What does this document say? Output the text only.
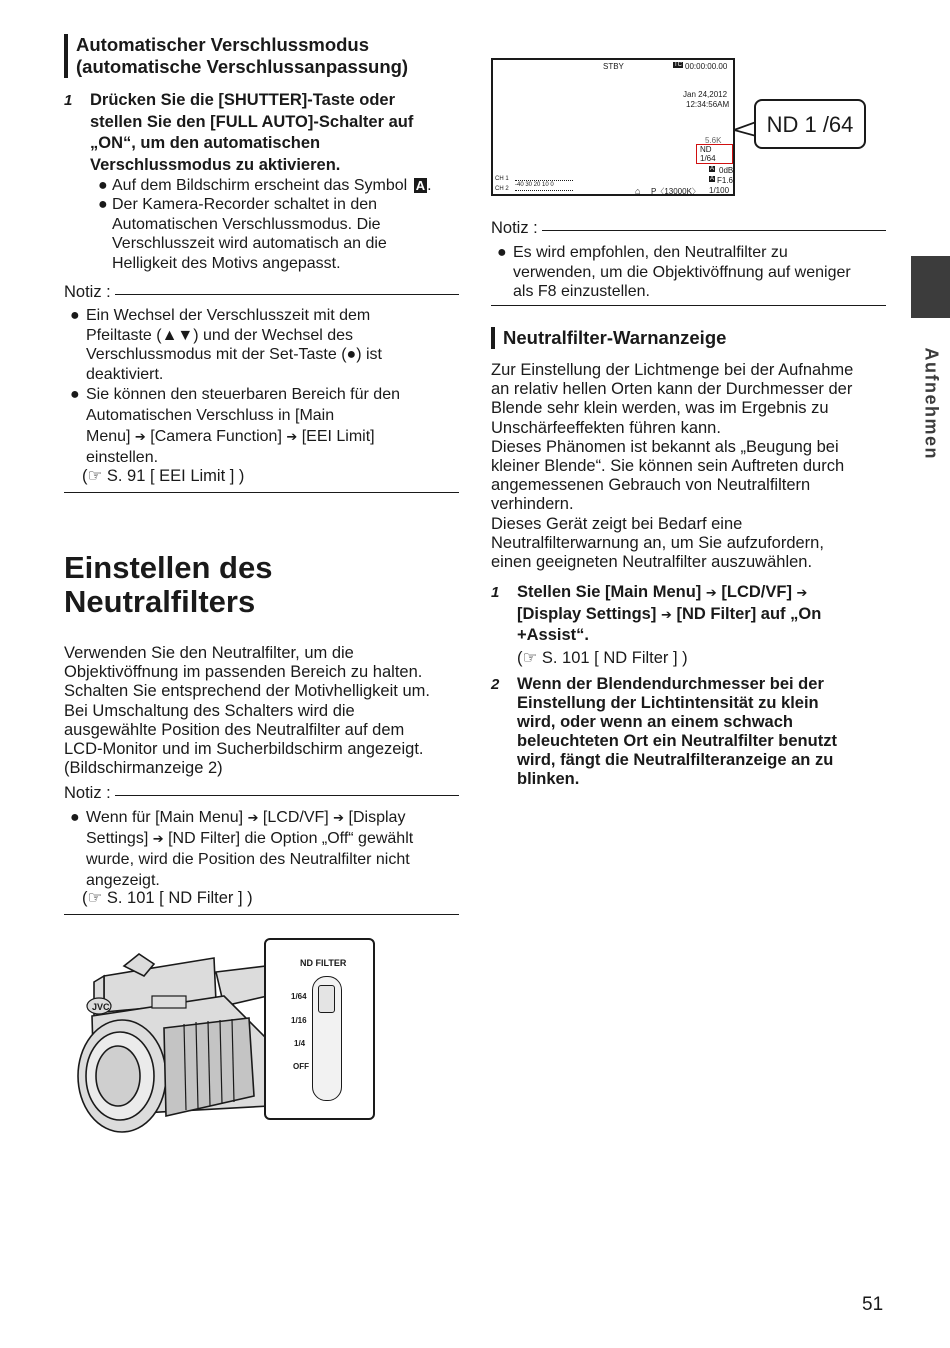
Automatischer Verschlussmodus
(automatische Verschlussanpassung)
1 Drücken Sie die [SHUTTER]-Taste oder
stellen Sie den [FULL AUTO]-Schalter auf
„ON“, um den automatischen
Verschlussmodus zu aktivieren.
● Auf dem Bildschirm erscheint das Symbol A .
● Der Kamera-Recorder schaltet in den
Automatischen Verschlussmodus. Die
Verschlusszeit wird automatisch an die
Helligkeit des Motivs angepasst.
Notiz :
● Ein Wechsel der Verschlusszeit mit dem
Pfeiltaste (▲▼) und der Wechsel des
Verschlussmodus mit der Set-Taste (●) ist
deaktiviert.
● Sie können den steuerbaren Bereich für den
Automatischen Verschluss in [Main
Menu] ➔ [Camera Function] ➔ [EEI Limit]
einstellen.
(☞ S. 91 [ EEI Limit ] )
Einstellen des
Neutralfilters
Verwenden Sie den Neutralfilter, um die
Objektivöffnung im passenden Bereich zu halten.
Schalten Sie entsprechend der Motivhelligkeit um.
Bei Umschaltung des Schalters wird die
ausgewählte Position des Neutralfilter auf dem
LCD-Monitor und im Sucherbildschirm angezeigt.
(Bildschirmanzeige 2)
Notiz :
● Wenn für [Main Menu] ➔ [LCD/VF] ➔ [Display
Settings] ➔ [ND Filter] die Option „Off“ gewählt
wurde, wird die Position des Neutralfilter nicht
angezeigt.
(☞ S. 101 [ ND Filter ] )
JVC
ND FILTER
1/64
1/16
1/4
OFF
STBY	TC 00:00:00.00
Jan 24,2012
12:34:56AM
5.6K
ND 1/64
A 0dB
A F1.6
CH 1
CH 2
-40 30 20 10 0
⌂ P〈13000K〉 1/100
ND 1 /64
Notiz :
● Es wird empfohlen, den Neutralfilter zu
verwenden, um die Objektivöffnung auf weniger
als F8 einzustellen.
Neutralfilter-Warnanzeige
Zur Einstellung der Lichtmenge bei der Aufnahme
an relativ hellen Orten kann der Durchmesser der
Blende sehr klein werden, was im Ergebnis zu
Unschärfeeffekten führen kann.
Dieses Phänomen ist bekannt als „Beugung bei
kleiner Blende“. Sie können sein Auftreten durch
angemessenen Gebrauch von Neutralfiltern
verhindern.
Dieses Gerät zeigt bei Bedarf eine
Neutralfilterwarnung an, um Sie aufzufordern,
einen geeigneten Neutralfilter auszuwählen.
1 Stellen Sie [Main Menu] ➔ [LCD/VF] ➔
[Display Settings] ➔ [ND Filter] auf „On
+Assist“.
(☞ S. 101 [ ND Filter ] )
2 Wenn der Blendendurchmesser bei der
Einstellung der Lichtintensität zu klein
wird, oder wenn an einem schwach
beleuchteten Ort ein Neutralfilter benutzt
wird, fängt die Neutralfilteranzeige an zu
blinken.
Aufnehmen
51
